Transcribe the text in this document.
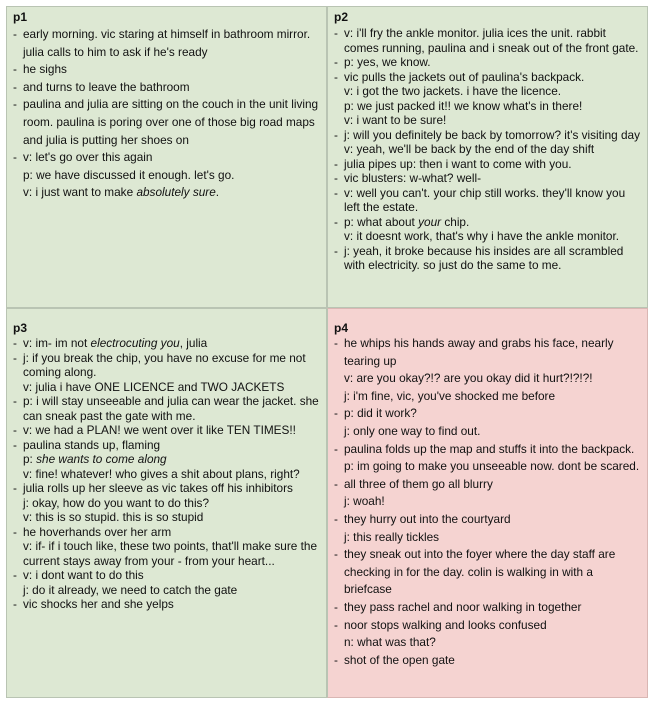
p1
- early morning. vic staring at himself in bathroom mirror. julia calls to him to ask if he's ready
- he sighs
- and turns to leave the bathroom
- paulina and julia are sitting on the couch in the unit living room. paulina is poring over one of those big road maps and julia is putting her shoes on
- v: let's go over this again
p: we have discussed it enough. let's go.
v: i just want to make absolutely sure.
p2
- v: i'll fry the ankle monitor. julia ices the unit. rabbit comes running, paulina and i sneak out of the front gate.
- p: yes, we know.
- vic pulls the jackets out of paulina's backpack.
v: i got the two jackets. i have the licence.
p: we just packed it!! we know what's in there!
v: i want to be sure!
- j: will you definitely be back by tomorrow? it's visiting day
v: yeah, we'll be back by the end of the day shift
- julia pipes up: then i want to come with you.
- vic blusters: w-what? well-
- v: well you can't. your chip still works. they'll know you left the estate.
- p: what about your chip.
v: it doesnt work, that's why i have the ankle monitor.
- j: yeah, it broke because his insides are all scrambled with electricity. so just do the same to me.
p3
- v: im- im not electrocuting you, julia
- j: if you break the chip, you have no excuse for me not coming along.
v: julia i have ONE LICENCE and TWO JACKETS
- p: i will stay unseeable and julia can wear the jacket. she can sneak past the gate with me.
- v: we had a PLAN! we went over it like TEN TIMES!!
- paulina stands up, flaming
p: she wants to come along
v: fine! whatever! who gives a shit about plans, right?
- julia rolls up her sleeve as vic takes off his inhibitors
j: okay, how do you want to do this?
v: this is so stupid. this is so stupid
- he hoverhands over her arm
v: if- if i touch like, these two points, that'll make sure the current stays away from your - from your heart...
- v: i dont want to do this
j: do it already, we need to catch the gate
- vic shocks her and she yelps
p4
- he whips his hands away and grabs his face, nearly tearing up
v: are you okay?!? are you okay did it hurt?!?!?!
j: i'm fine, vic, you've shocked me before
- p: did it work?
j: only one way to find out.
- paulina folds up the map and stuffs it into the backpack.
p: im going to make you unseeable now. dont be scared.
- all three of them go all blurry
j: woah!
- they hurry out into the courtyard
j: this really tickles
- they sneak out into the foyer where the day staff are checking in for the day. colin is walking in with a briefcase
- they pass rachel and noor walking in together
- noor stops walking and looks confused
n: what was that?
- shot of the open gate
